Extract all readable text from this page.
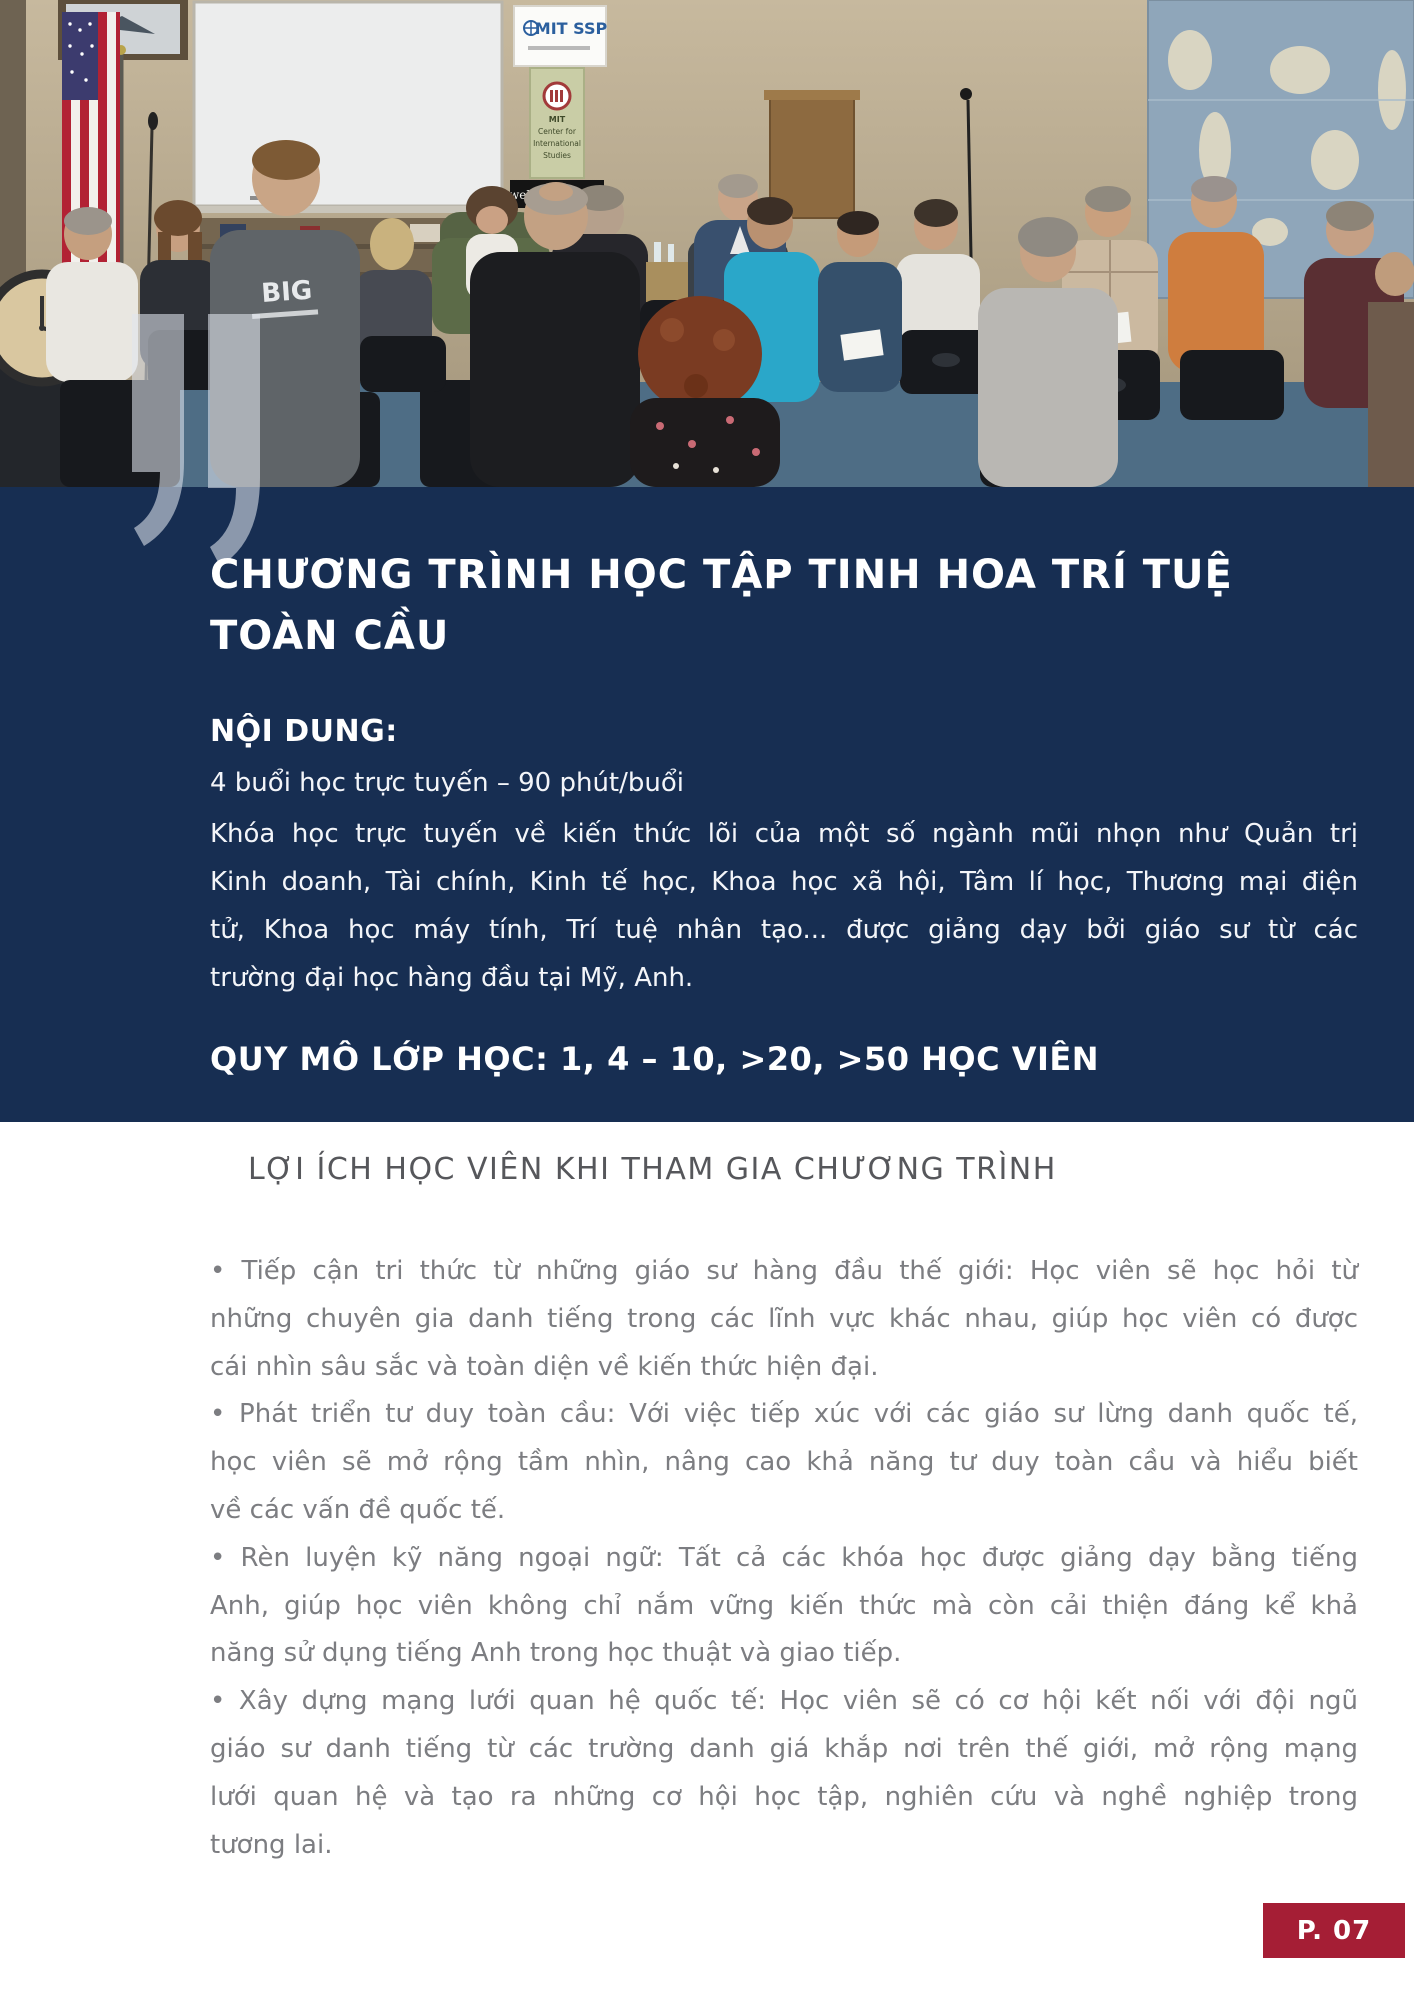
MIT SSP
MIT
Center for
International
Studies
BIG
CHƯƠNG TRÌNH HỌC TẬP TINH HOA TRÍ TUỆ
TOÀN CẦU
NỘI DUNG:
4 buổi học trực tuyến – 90 phút/buổi
Khóa học trực tuyến về kiến thức lõi của một số ngành mũi nhọn như Quản trị
Kinh doanh, Tài chính, Kinh tế học, Khoa học xã hội, Tâm lí học, Thương mại điện
tử, Khoa học máy tính, Trí tuệ nhân tạo... được giảng dạy bởi giáo sư từ các
trường đại học hàng đầu tại Mỹ, Anh.
QUY MÔ LỚP HỌC: 1, 4 – 10, >20, >50 HỌC VIÊN
LỢI ÍCH HỌC VIÊN KHI THAM GIA CHƯƠNG TRÌNH
• Tiếp cận tri thức từ những giáo sư hàng đầu thế giới: Học viên sẽ học hỏi từ
những chuyên gia danh tiếng trong các lĩnh vực khác nhau, giúp học viên có được
cái nhìn sâu sắc và toàn diện về kiến thức hiện đại.
• Phát triển tư duy toàn cầu: Với việc tiếp xúc với các giáo sư lừng danh quốc tế,
học viên sẽ mở rộng tầm nhìn, nâng cao khả năng tư duy toàn cầu và hiểu biết
về các vấn đề quốc tế.
• Rèn luyện kỹ năng ngoại ngữ: Tất cả các khóa học được giảng dạy bằng tiếng
Anh, giúp học viên không chỉ nắm vững kiến thức mà còn cải thiện đáng kể khả
năng sử dụng tiếng Anh trong học thuật và giao tiếp.
• Xây dựng mạng lưới quan hệ quốc tế: Học viên sẽ có cơ hội kết nối với đội ngũ
giáo sư danh tiếng từ các trường danh giá khắp nơi trên thế giới, mở rộng mạng
lưới quan hệ và tạo ra những cơ hội học tập, nghiên cứu và nghề nghiệp trong
tương lai.
P. 07
